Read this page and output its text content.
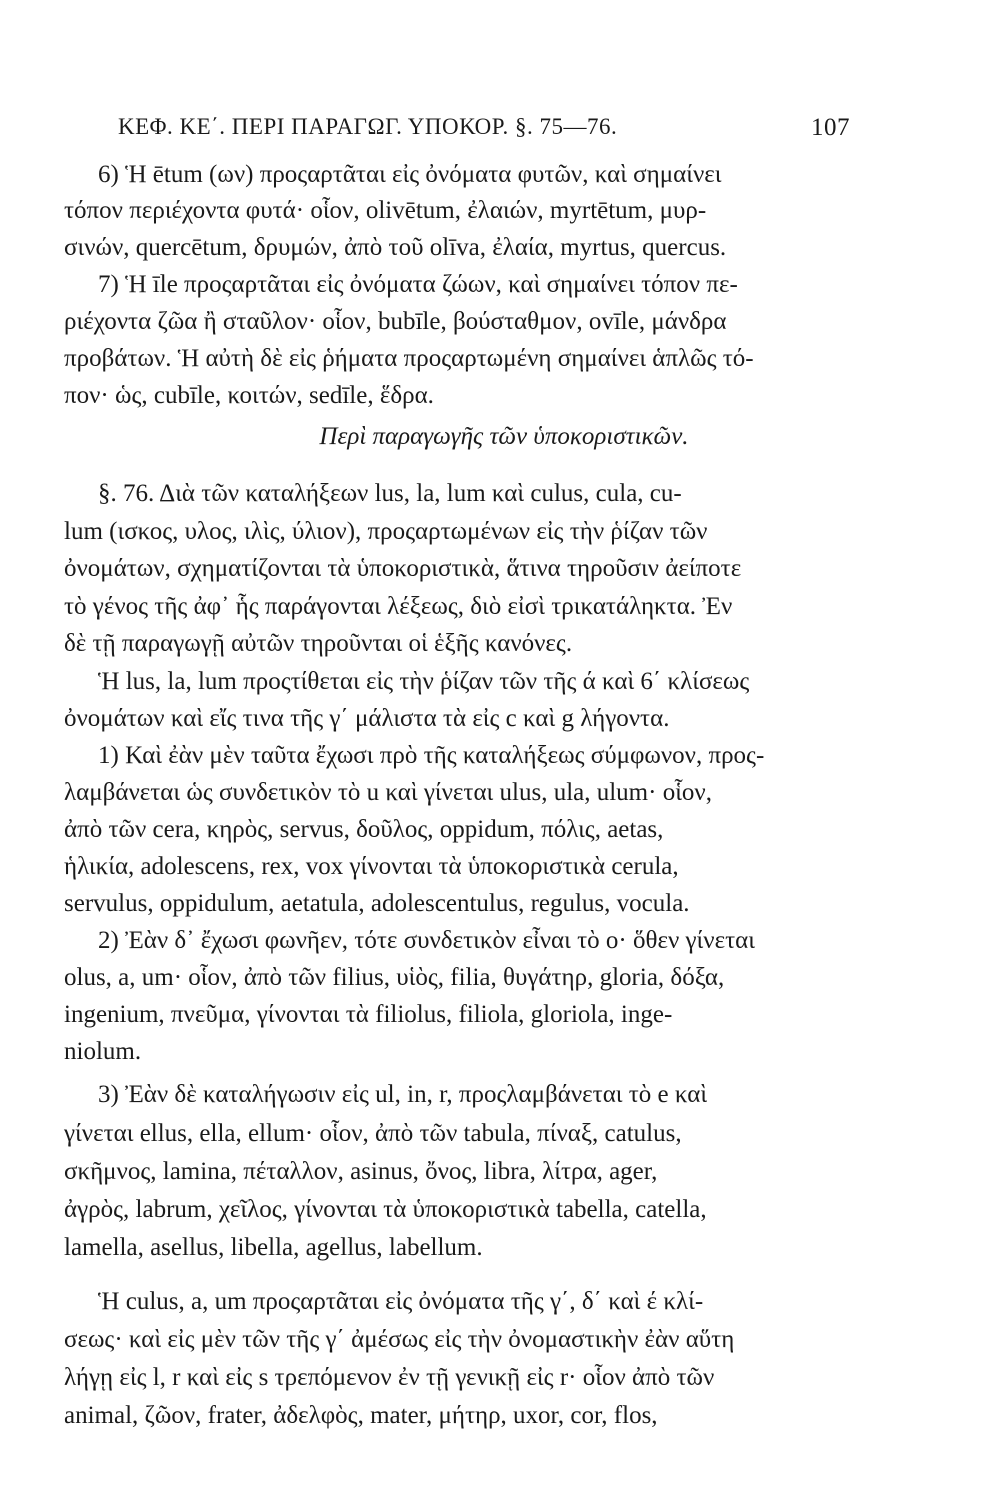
ΚΕΦ. ΚΕ΄. ΠΕΡΙ ΠΑΡΑΓΩΓ. ΥΠΟΚΟΡ. §. 75—76.	107
6) Ἡ ētum (ων) προςαρτᾶται εἰς ὀνόματα φυτῶν, καὶ σημαίνει
τόπον περιέχοντα φυτά· οἷον, olivētum, ἐλαιών, myrtētum, μυρ-
σινών, quercētum, δρυμών, ἀπὸ τοῦ olīva, ἐλαία, myrtus, quercus.
7) Ἡ īle προςαρτᾶται εἰς ὀνόματα ζώων, καὶ σημαίνει τόπον πε-
ριέχοντα ζῶα ἢ σταῦλον· οἷον, bubīle, βούσταθμον, ovīle, μάνδρα
προβάτων. Ἡ αὐτὴ δὲ εἰς ῥήματα προςαρτωμένη σημαίνει ἁπλῶς τό-
πον· ὡς, cubīle, κοιτών, sedīle, ἕδρα.
Περὶ παραγωγῆς τῶν ὑποκοριστικῶν.
§. 76. Διὰ τῶν καταλήξεων lus, la, lum καὶ culus, cula, cu-
lum (ισκος, υλος, ιλὶς, ύλιον), προςαρτωμένων εἰς τὴν ῥίζαν τῶν
ὀνομάτων, σχηματίζονται τὰ ὑποκοριστικὰ, ἅτινα τηροῦσιν ἀείποτε
τὸ γένος τῆς ἀφ᾽ ἧς παράγονται λέξεως, διὸ εἰσὶ τρικατάληκτα. Ἐν
δὲ τῇ παραγωγῇ αὐτῶν τηροῦνται οἱ ἑξῆς κανόνες.
Ἡ lus, la, lum προςτίθεται εἰς τὴν ῥίζαν τῶν τῆς ά καὶ 6΄ κλίσεως
ὀνομάτων καὶ εἴς τινα τῆς γ΄ μάλιστα τὰ εἰς c καὶ g λήγοντα.
1) Καὶ ἐὰν μὲν ταῦτα ἔχωσι πρὸ τῆς καταλήξεως σύμφωνον, προς-
λαμβάνεται ὡς συνδετικὸν τὸ u καὶ γίνεται ulus, ula, ulum· οἷον,
ἀπὸ τῶν cera, κηρὸς, servus, δοῦλος, oppidum, πόλις, aetas,
ἡλικία, adolescens, rex, vox γίνονται τὰ ὑποκοριστικὰ cerula,
servulus, oppidulum, aetatula, adolescentulus, regulus, vocula.
2) Ἐὰν δ᾽ ἔχωσι φωνῆεν, τότε συνδετικὸν εἶναι τὸ o· ὅθεν γίνεται
olus, a, um· οἷον, ἀπὸ τῶν filius, υἱὸς, filia, θυγάτηρ, gloria, δόξα,
ingenium, πνεῦμα, γίνονται τὰ filiolus, filiola, gloriola, inge-
niolum.
3) Ἐὰν δὲ καταλήγωσιν εἰς ul, in, r, προςλαμβάνεται τὸ e καὶ
γίνεται ellus, ella, ellum· οἷον, ἀπὸ τῶν tabula, πίναξ, catulus,
σκῆμνος, lamina, πέταλλον, asinus, ὄνος, libra, λίτρα, ager,
ἀγρὸς, labrum, χεῖλος, γίνονται τὰ ὑποκοριστικὰ tabella, catella,
lamella, asellus, libella, agellus, labellum.
Ἡ culus, a, um προςαρτᾶται εἰς ὀνόματα τῆς γ΄, δ΄ καὶ έ κλί-
σεως· καὶ εἰς μὲν τῶν τῆς γ΄ ἀμέσως εἰς τὴν ὀνομαστικὴν ἐὰν αὕτη
λήγῃ εἰς l, r καὶ εἰς s τρεπόμενον ἐν τῇ γενικῇ εἰς r· οἷον ἀπὸ τῶν
animal, ζῶον, frater, ἀδελφὸς, mater, μήτηρ, uxor, cor, flos,
